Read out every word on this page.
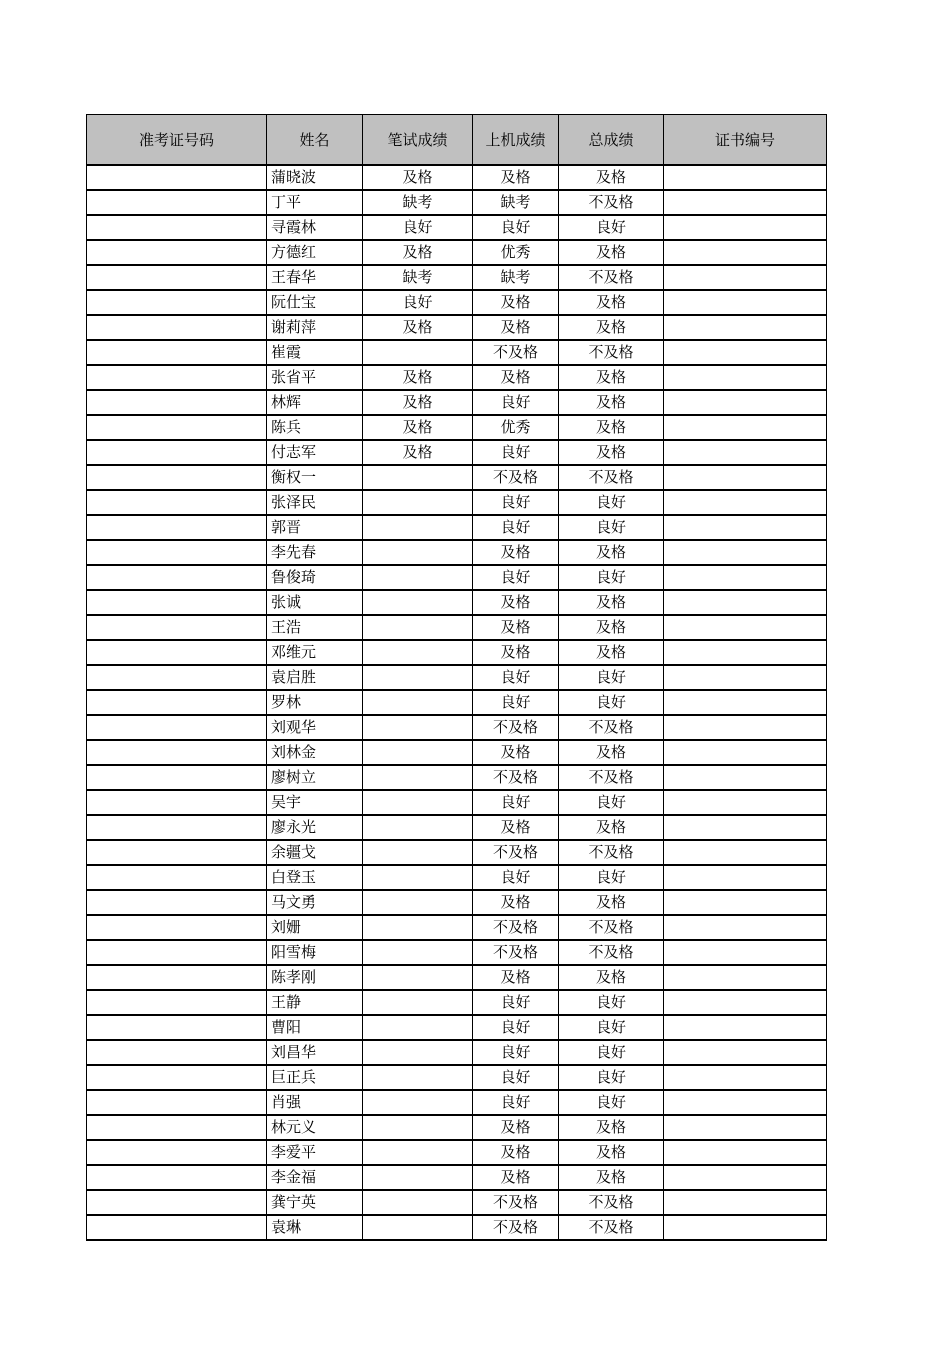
准考证号码	姓名	笔试成绩	上机成绩	总成绩	证书编号
	蒲晓波	及格	及格	及格	
	丁平	缺考	缺考	不及格	
	寻霞林	良好	良好	良好	
	方德红	及格	优秀	及格	
	王春华	缺考	缺考	不及格	
	阮仕宝	良好	及格	及格	
	谢莉萍	及格	及格	及格	
	崔霞		不及格	不及格	
	张省平	及格	及格	及格	
	林辉	及格	良好	及格	
	陈兵	及格	优秀	及格	
	付志军	及格	良好	及格	
	衡权一		不及格	不及格	
	张泽民		良好	良好	
	郭晋		良好	良好	
	李先春		及格	及格	
	鲁俊琦		良好	良好	
	张诚		及格	及格	
	王浩		及格	及格	
	邓维元		及格	及格	
	袁启胜		良好	良好	
	罗林		良好	良好	
	刘观华		不及格	不及格	
	刘林金		及格	及格	
	廖树立		不及格	不及格	
	吴宇		良好	良好	
	廖永光		及格	及格	
	余疆戈		不及格	不及格	
	白登玉		良好	良好	
	马文勇		及格	及格	
	刘姗		不及格	不及格	
	阳雪梅		不及格	不及格	
	陈孝刚		及格	及格	
	王静		良好	良好	
	曹阳		良好	良好	
	刘昌华		良好	良好	
	巨正兵		良好	良好	
	肖强		良好	良好	
	林元义		及格	及格	
	李爱平		及格	及格	
	李金福		及格	及格	
	龚宁英		不及格	不及格	
	袁琳		不及格	不及格	
